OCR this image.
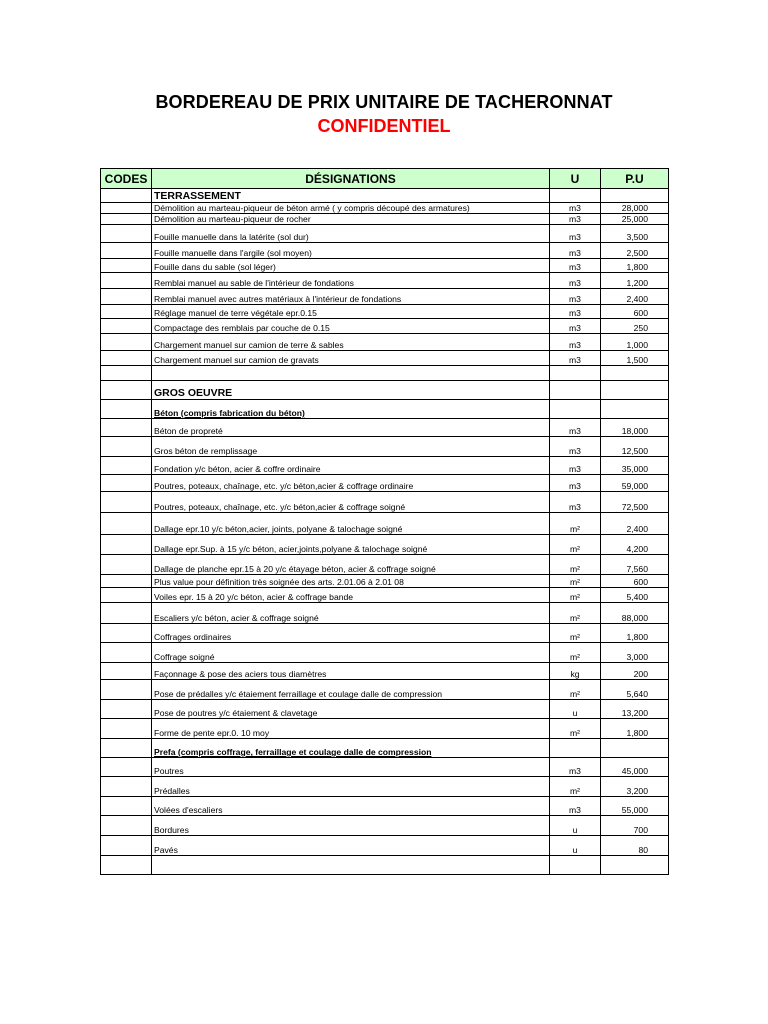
BORDEREAU DE PRIX UNITAIRE DE TACHERONNAT
CONFIDENTIEL
CODES	DÉSIGNATIONS	U	P.U
	TERRASSEMENT		
	Démolition au marteau-piqueur de béton armé ( y compris découpé des armatures)	m3	28,000
	Démolition au marteau-piqueur de rocher	m3	25,000
	Fouille manuelle dans la latérite (sol dur)	m3	3,500
	Fouille manuelle dans l'argile (sol moyen)	m3	2,500
	Fouille dans du sable (sol léger)	m3	1,800
	Remblai manuel au sable de l'intérieur de fondations	m3	1,200
	Remblai manuel avec autres matériaux à l'intérieur de fondations	m3	2,400
	Réglage manuel de terre végétale epr.0.15	m3	600
	Compactage des remblais par couche de 0.15	m3	250
	Chargement manuel sur camion de terre & sables	m3	1,000
	Chargement manuel sur camion de gravats	m3	1,500

	GROS OEUVRE		
	Béton (compris fabrication du béton)		
	Béton de propreté	m3	18,000
	Gros béton de remplissage	m3	12,500
	Fondation y/c béton, acier & coffre ordinaire	m3	35,000
	Poutres, poteaux, chaînage, etc. y/c béton,acier & coffrage ordinaire	m3	59,000
	Poutres, poteaux, chaînage, etc. y/c béton,acier & coffrage soigné	m3	72,500
	Dallage epr.10 y/c béton,acier, joints, polyane & talochage soigné	m²	2,400
	Dallage epr.Sup. à 15 y/c béton, acier,joints,polyane & talochage soigné	m²	4,200
	Dallage de planche epr.15 à 20 y/c étayage béton, acier & coffrage soigné	m²	7,560
	Plus value pour définition très soignée des arts. 2.01.06 à 2.01 08	m²	600
	Voiles epr. 15 à 20 y/c béton, acier & coffrage bande	m²	5,400
	Escaliers y/c béton, acier & coffrage soigné	m²	88,000
	Coffrages ordinaires	m²	1,800
	Coffrage soigné	m²	3,000
	Façonnage & pose des aciers tous diamètres	kg	200
	Pose de prédalles y/c étaiement ferraillage et coulage dalle de compression	m²	5,640
	Pose de poutres y/c étaiement & clavetage	u	13,200
	Forme de pente epr.0. 10 moy	m²	1,800
	Prefa (compris coffrage, ferraillage et coulage dalle de compression		
	Poutres	m3	45,000
	Prédalles	m²	3,200
	Volées d'escaliers	m3	55,000
	Bordures	u	700
	Pavés	u	80
